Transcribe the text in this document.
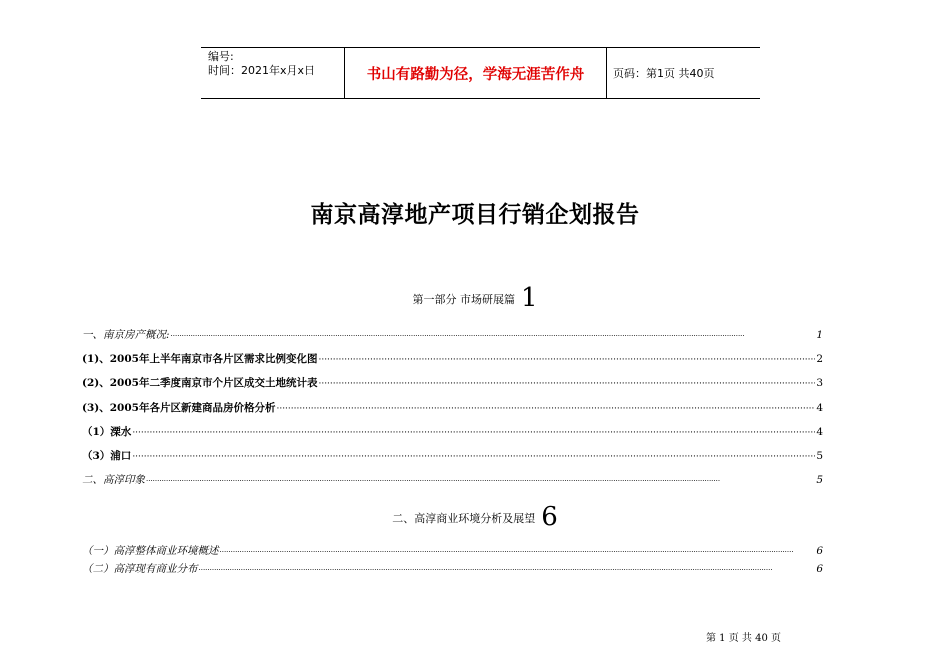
编号:
时间：2021年x月x日	书山有路勤为径，学海无涯苦作舟	页码：第1页 共40页
南京高淳地产项目行销企划报告
第一部分 市场研展篇 1
一、南京房产概况: ·····	1
(1)、2005年上半年南京市各片区需求比例变化图 ·····	2
(2)、2005年二季度南京市个片区成交土地统计表 ·····	3
(3)、2005年各片区新建商品房价格分析 ·····	4
（1）溧水 ·····	4
（3）浦口 ·····	5
二、高淳印象 ·····	5
二、高淳商业环境分析及展望 6
（一）高淳整体商业环境概述 ·····	6
（二）高淳现有商业分布 ·····	6
第 1 页 共 40 页
